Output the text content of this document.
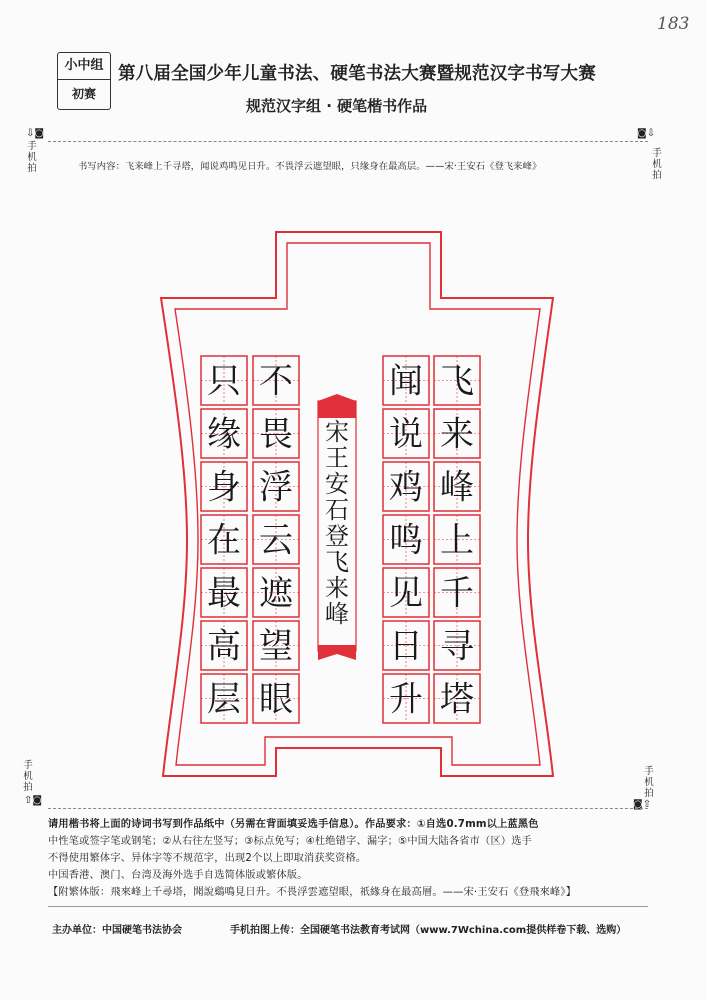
183
小中组
初赛
第八届全国少年儿童书法、硬笔书法大赛暨规范汉字书写大赛
规范汉字组 · 硬笔楷书作品
⇩◙
手机拍
◙⇩
手机拍
书写内容：飞来峰上千寻塔，闻说鸡鸣见日升。不畏浮云遮望眼，只缘身在最高层。——宋·王安石《登飞来峰》
飞
来
峰
上
千
寻
塔
闻
说
鸡
鸣
见
日
升
不
畏
浮
云
遮
望
眼
只
缘
身
在
最
高
层
宋
王
安
石
登
飞
来
峰
手机拍
⇧◙
手机拍
◙⇧
请用楷书将上面的诗词书写到作品纸中（另需在背面填妥选手信息）。作品要求：①自选0.7mm以上蓝黑色
中性笔或签字笔或钢笔；②从右往左竖写；③标点免写；④杜绝错字、漏字；⑤中国大陆各省市（区）选手
不得使用繁体字、异体字等不规范字，出现2个以上即取消获奖资格。
中国香港、澳门、台湾及海外选手自选简体版或繁体版。
【附繁体版：飛來峰上千尋塔，聞說鷄鳴見日升。不畏浮雲遮望眼，祇緣身在最高層。——宋·王安石《登飛來峰》】
主办单位：中国硬笔书法协会	手机拍图上传：全国硬笔书法教育考试网（www.7Wchina.com提供样卷下载、选购）
